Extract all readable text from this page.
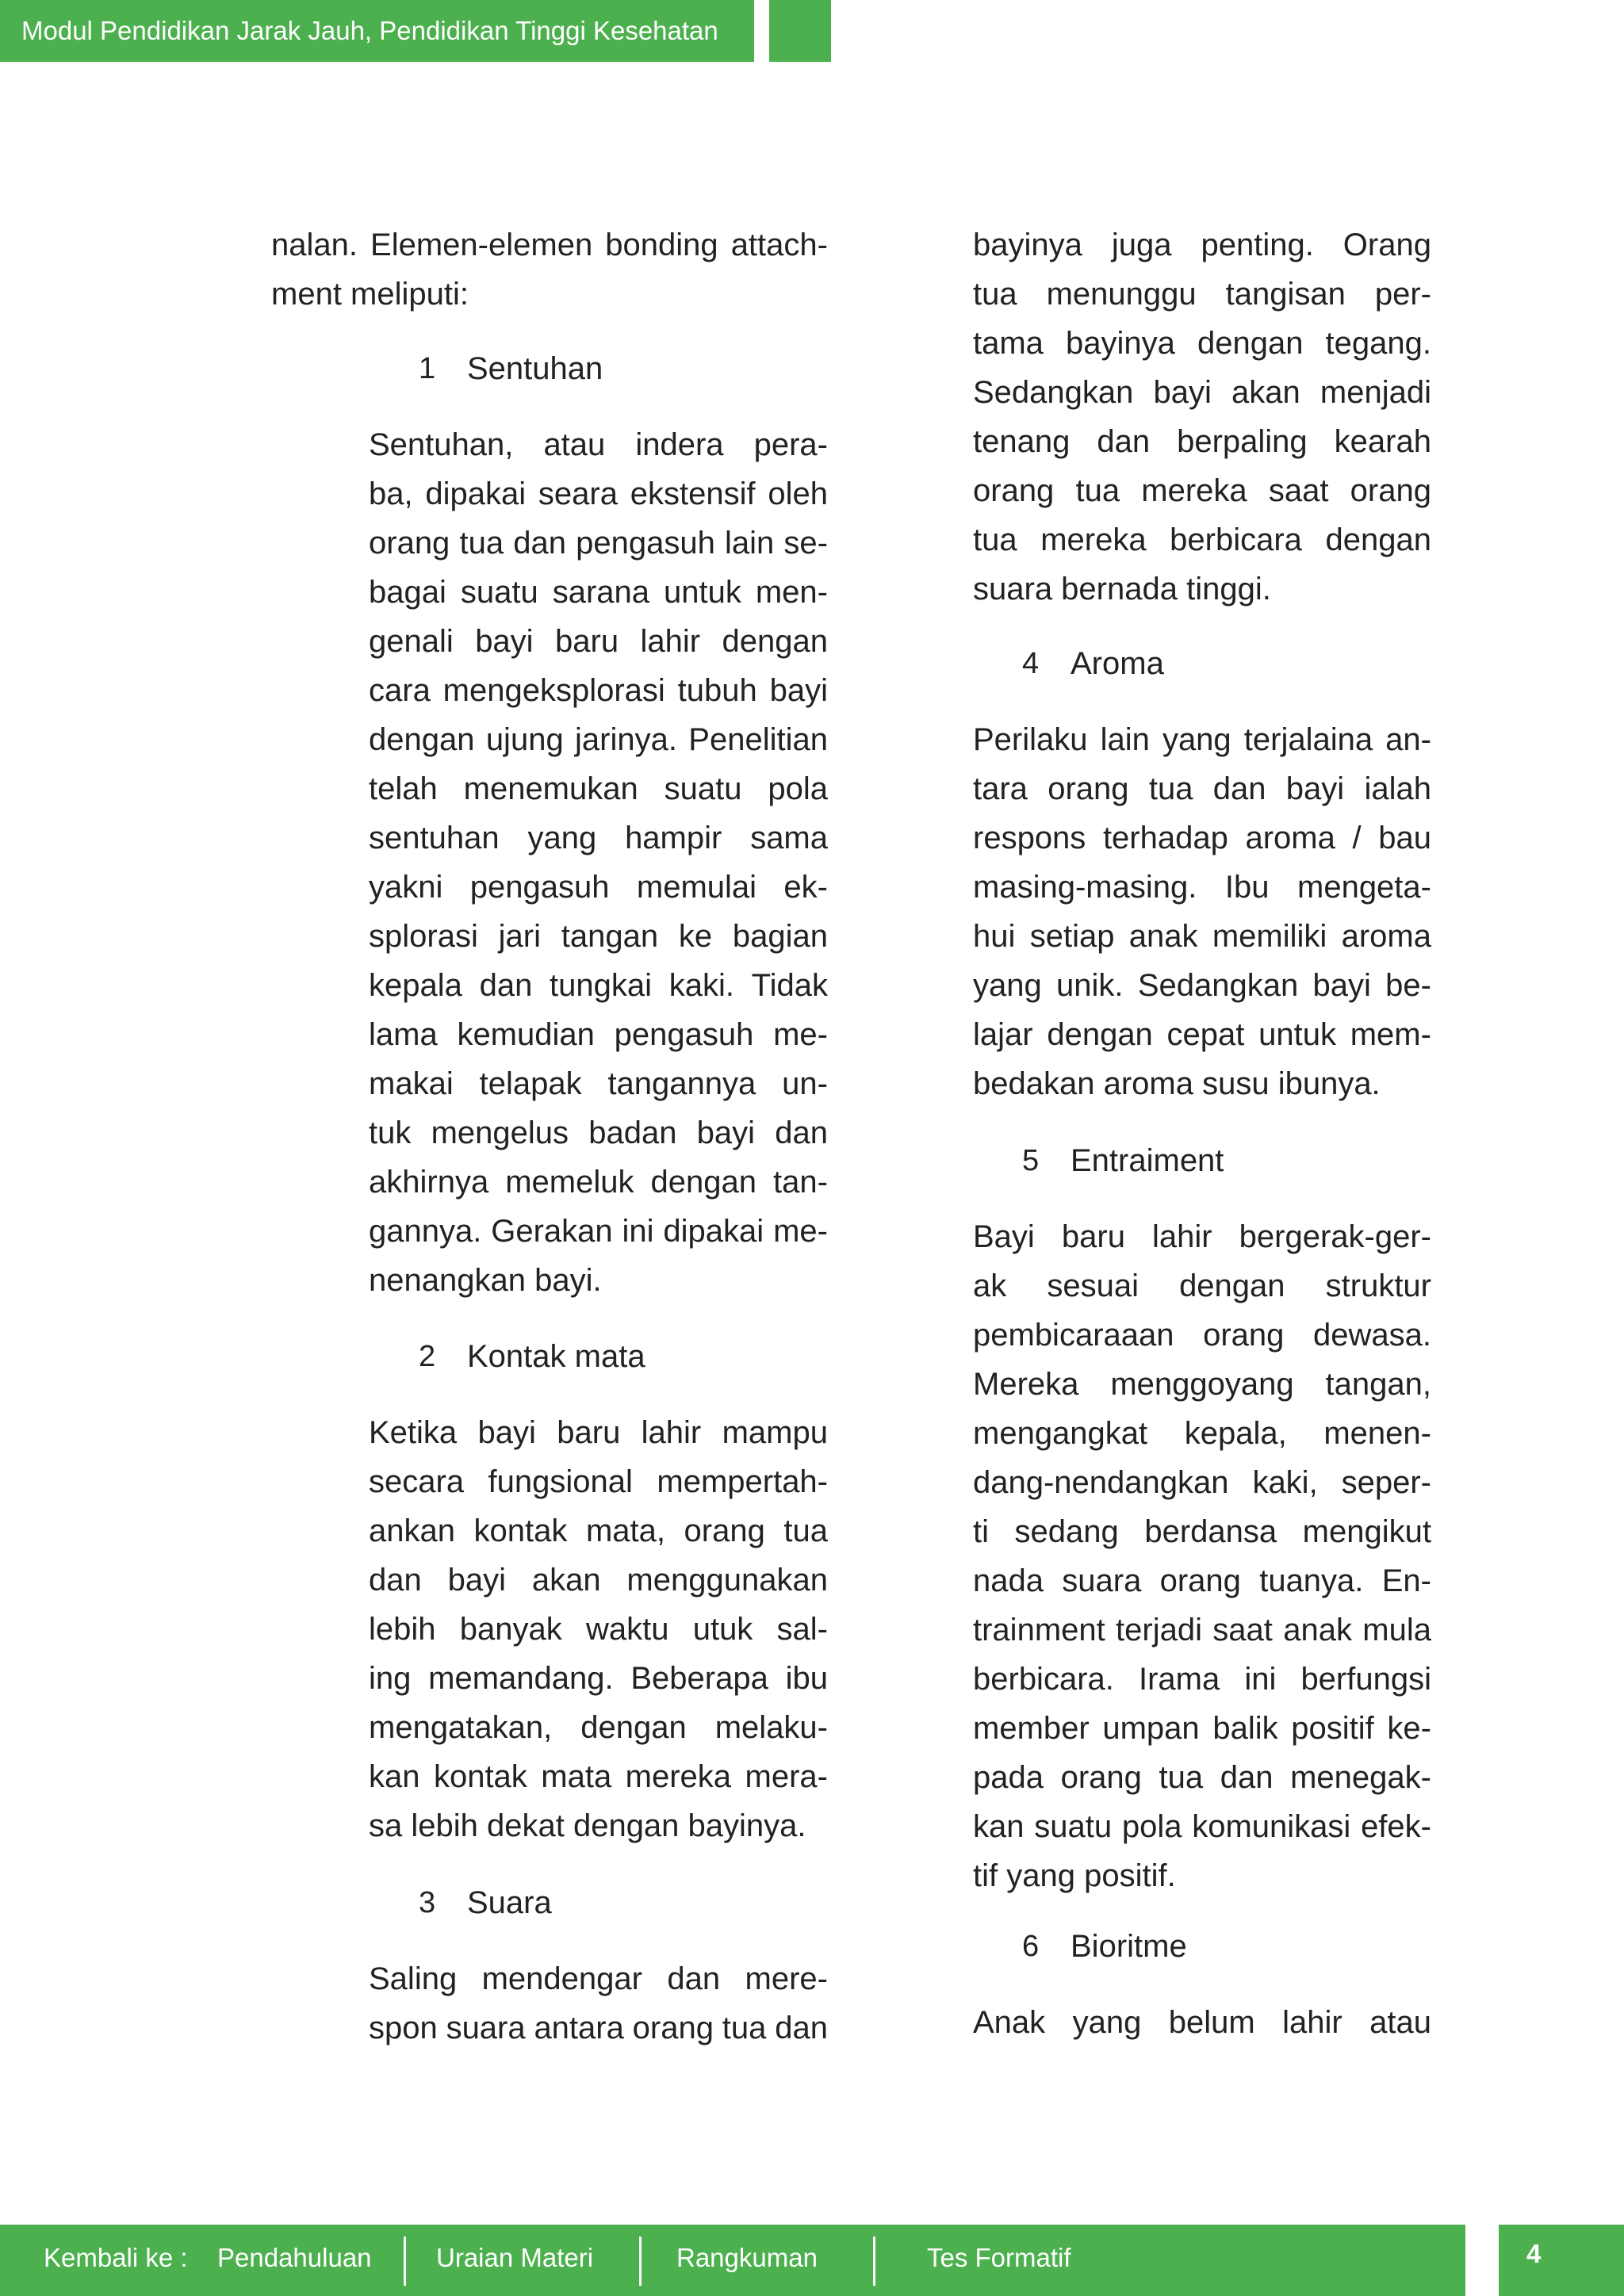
Modul Pendidikan Jarak Jauh, Pendidikan Tinggi Kesehatan
nalan. Elemen-elemen bonding attach-
ment meliputi:
1 Sentuhan
Sentuhan, atau indera pera-
ba, dipakai seara ekstensif oleh
orang tua dan pengasuh lain se-
bagai suatu sarana untuk men-
genali bayi baru lahir dengan
cara mengeksplorasi tubuh bayi
dengan ujung jarinya. Penelitian
telah menemukan suatu pola
sentuhan yang hampir sama
yakni pengasuh memulai ek-
splorasi jari tangan ke bagian
kepala dan tungkai kaki. Tidak
lama kemudian pengasuh me-
makai telapak tangannya un-
tuk mengelus badan bayi dan
akhirnya memeluk dengan tan-
gannya. Gerakan ini dipakai me-
nenangkan bayi.
2 Kontak mata
Ketika bayi baru lahir mampu
secara fungsional mempertah-
ankan kontak mata, orang tua
dan bayi akan menggunakan
lebih banyak waktu utuk sal-
ing memandang. Beberapa ibu
mengatakan, dengan melaku-
kan kontak mata mereka mera-
sa lebih dekat dengan bayinya.
3 Suara
Saling mendengar dan mere-
spon suara antara orang tua dan
bayinya juga penting. Orang
tua menunggu tangisan per-
tama bayinya dengan tegang.
Sedangkan bayi akan menjadi
tenang dan berpaling kearah
orang tua mereka saat orang
tua mereka berbicara dengan
suara bernada tinggi.
4 Aroma
Perilaku lain yang terjalaina an-
tara orang tua dan bayi ialah
respons terhadap aroma / bau
masing-masing. Ibu mengeta-
hui setiap anak memiliki aroma
yang unik. Sedangkan bayi be-
lajar dengan cepat untuk mem-
bedakan aroma susu ibunya.
5 Entraiment
Bayi baru lahir bergerak-ger-
ak sesuai dengan struktur
pembicaraaan orang dewasa.
Mereka menggoyang tangan,
mengangkat kepala, menen-
dang-nendangkan kaki, seper-
ti sedang berdansa mengikut
nada suara orang tuanya. En-
trainment terjadi saat anak mula
berbicara. Irama ini berfungsi
member umpan balik positif ke-
pada orang tua dan menegak-
kan suatu pola komunikasi efek-
tif yang positif.
6 Bioritme
Anak yang belum lahir atau
Kembali ke : Pendahuluan Uraian Materi	Rangkuman	Tes Formatif	4
